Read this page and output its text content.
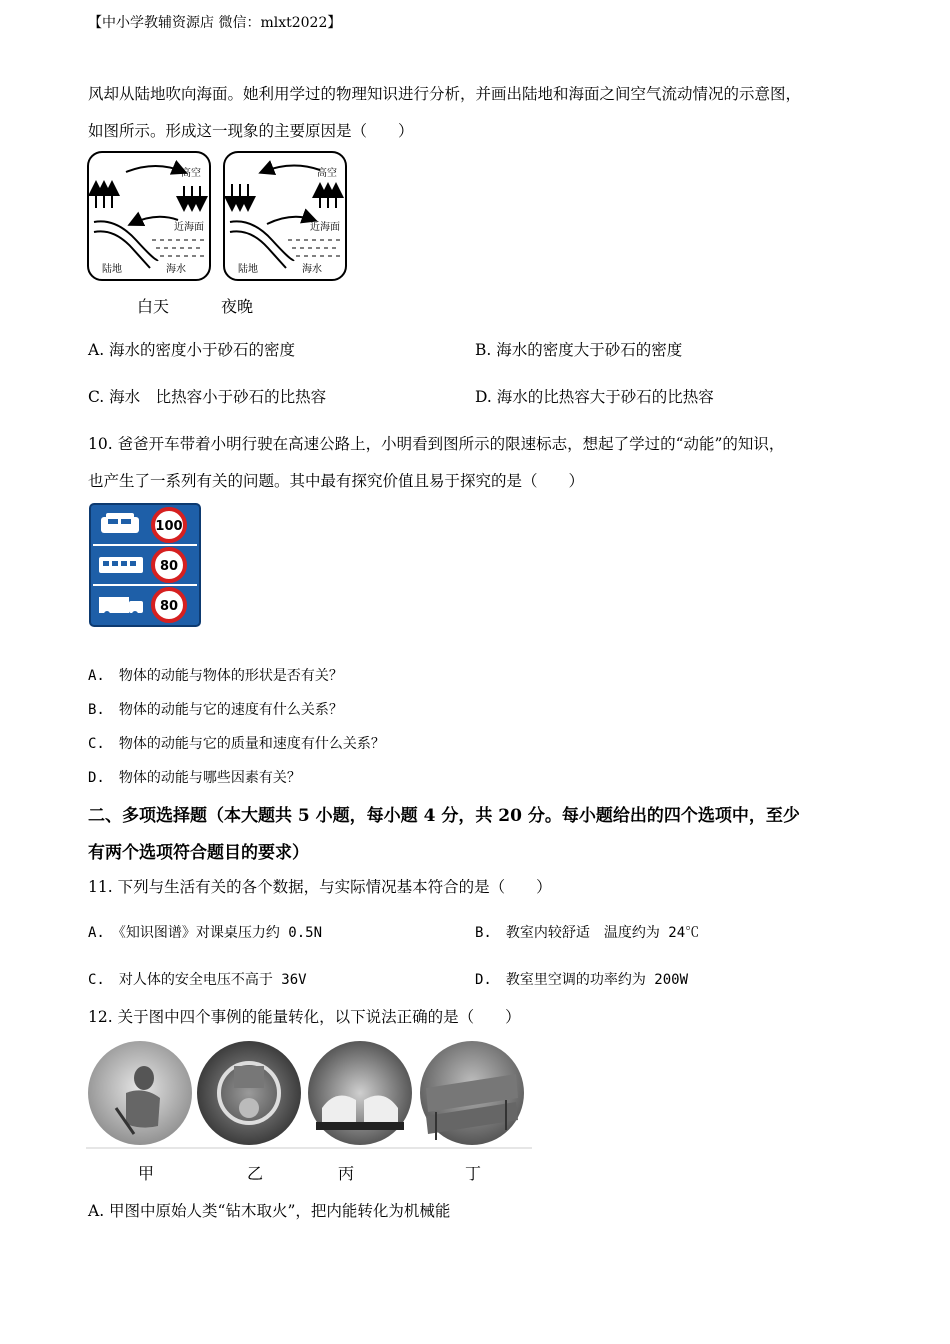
【中小学教辅资源店 微信：mlxt2022】
风却从陆地吹向海面。她利用学过的物理知识进行分析，并画出陆地和海面之间空气流动情况的示意图，
如图所示。形成这一现象的主要原因是（　　）
高空
近海面
陆地	海水
高空
近海面
陆地	海水
白天	夜晚
A. 海水的密度小于砂石的密度	B. 海水的密度大于砂石的密度
C. 海水　比热容小于砂石的比热容	D. 海水的比热容大于砂石的比热容
10. 爸爸开车带着小明行驶在高速公路上，小明看到图所示的限速标志，想起了学过的“动能”的知识，
也产生了一系列有关的问题。其中最有探究价值且易于探究的是（　　）
100
80
80
A.　物体的动能与物体的形状是否有关？
B.　物体的动能与它的速度有什么关系？
C.　物体的动能与它的质量和速度有什么关系？
D.　物体的动能与哪些因素有关？
二、多项选择题（本大题共 5 小题，每小题 4 分，共 20 分。每小题给出的四个选项中，至少
有两个选项符合题目的要求）
11. 下列与生活有关的各个数据，与实际情况基本符合的是（　　）
A.　《知识图谱》对课桌压力约 0.5N	B.　教室内较舒适　温度约为 24℃
C.　对人体的安全电压不高于 36V	D.　教室里空调的功率约为 200W
12. 关于图中四个事例的能量转化，以下说法正确的是（　　）
甲	乙	丙	丁
A. 甲图中原始人类“钻木取火”，把内能转化为机械能
